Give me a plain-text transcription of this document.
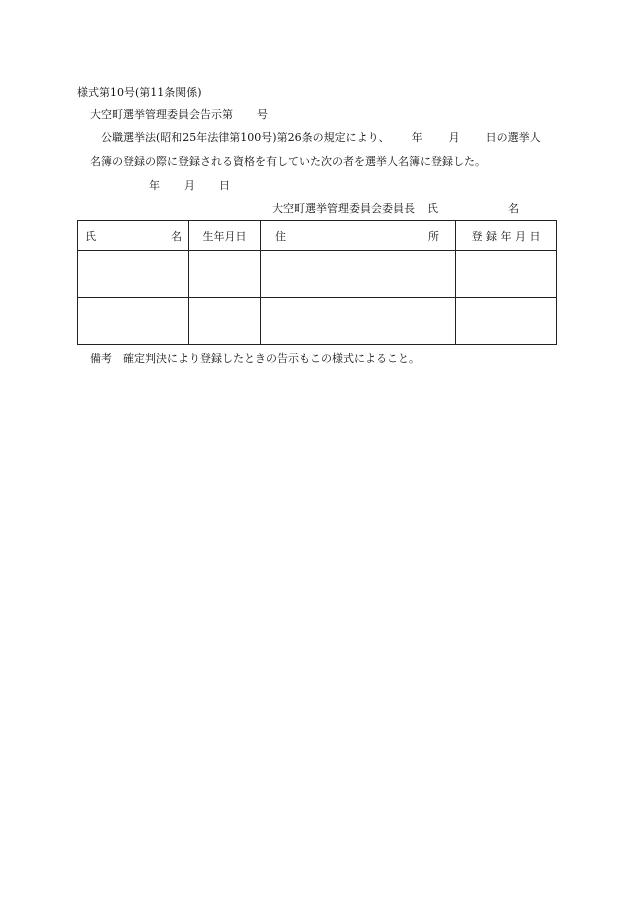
様式第10号(第11条関係)
大空町選挙管理委員会告示第 号
公職選挙法(昭和25年法律第100号)第26条の規定により、 年 月 日の選挙人
名簿の登録の際に登録される資格を有していた次の者を選挙人名簿に登録した。
年 月 日
大空町選挙管理委員会委員長 氏	名
氏 名	生年月日	住 所	登 録 年 月 日

備考　確定判決により登録したときの告示もこの様式によること。
